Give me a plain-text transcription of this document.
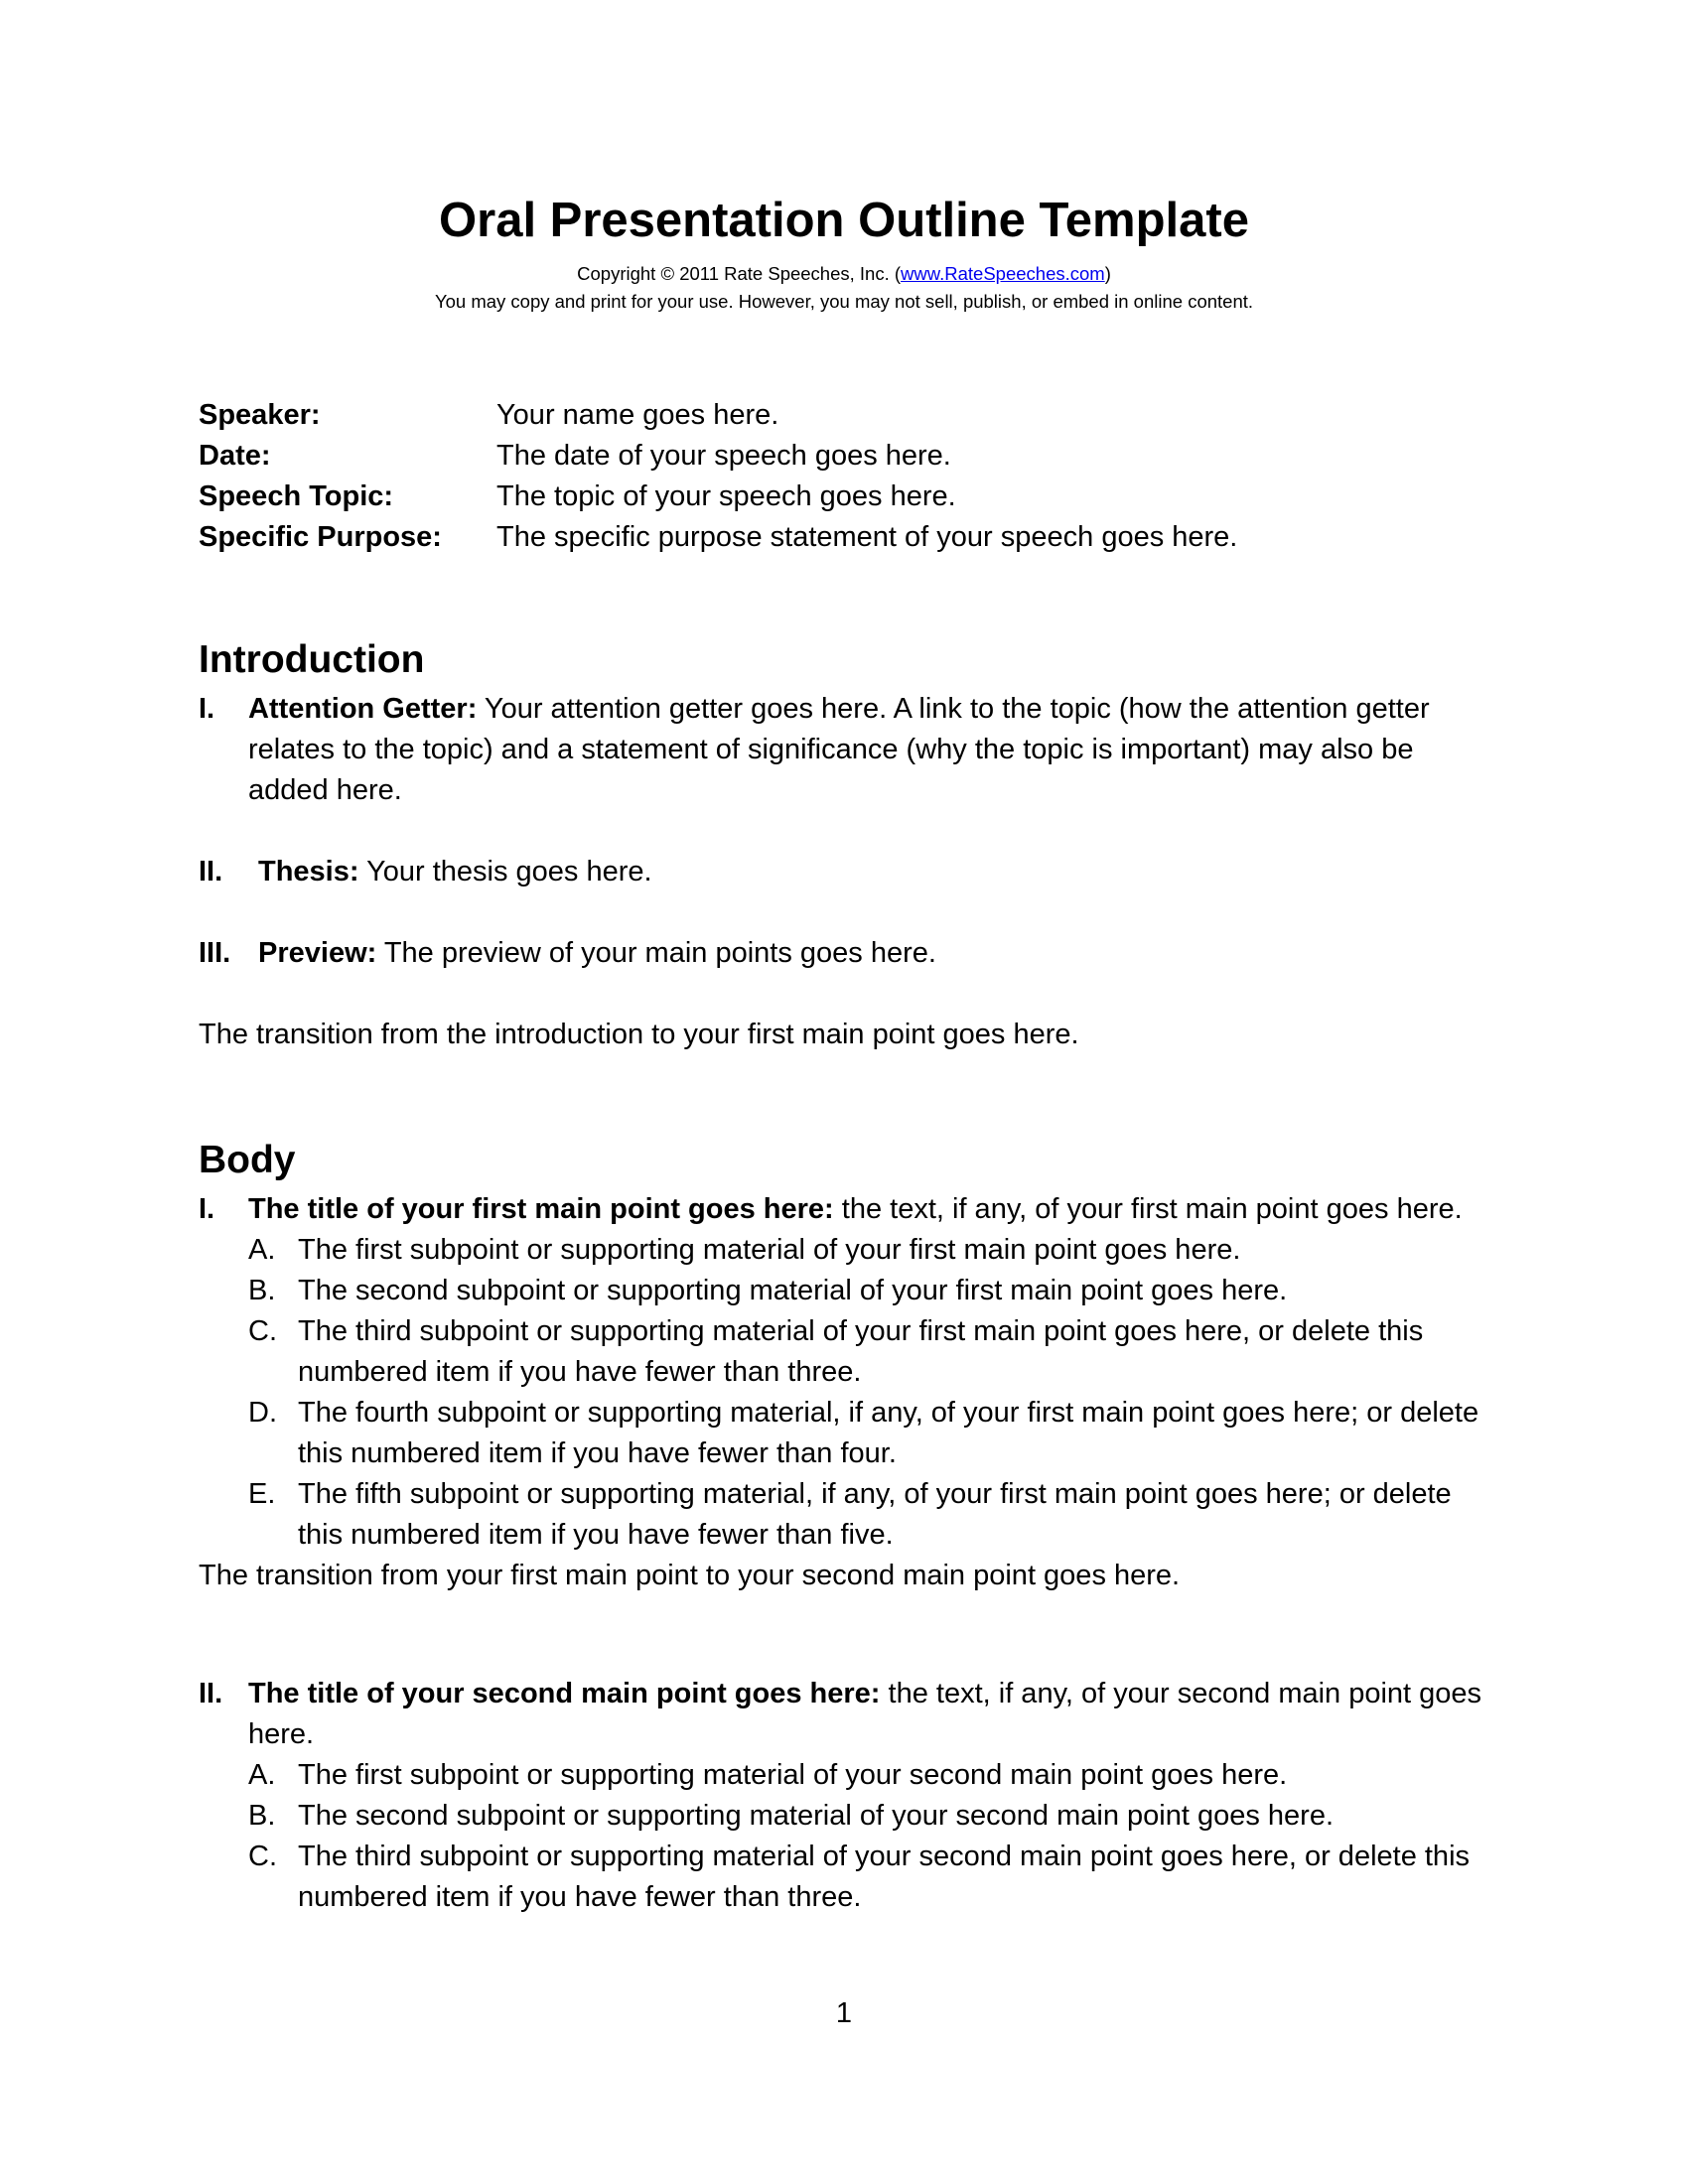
Oral Presentation Outline Template
Copyright © 2011 Rate Speeches, Inc. (www.RateSpeeches.com)
You may copy and print for your use. However, you may not sell, publish, or embed in online content.
Speaker:	Your name goes here.
Date:	The date of your speech goes here.
Speech Topic:	The topic of your speech goes here.
Specific Purpose:	The specific purpose statement of your speech goes here.
Introduction
I. Attention Getter: Your attention getter goes here. A link to the topic (how the attention getter relates to the topic) and a statement of significance (why the topic is important) may also be added here.
II. Thesis: Your thesis goes here.
III. Preview: The preview of your main points goes here.
The transition from the introduction to your first main point goes here.
Body
I. The title of your first main point goes here: the text, if any, of your first main point goes here.
A. The first subpoint or supporting material of your first main point goes here.
B. The second subpoint or supporting material of your first main point goes here.
C. The third subpoint or supporting material of your first main point goes here, or delete this numbered item if you have fewer than three.
D. The fourth subpoint or supporting material, if any, of your first main point goes here; or delete this numbered item if you have fewer than four.
E. The fifth subpoint or supporting material, if any, of your first main point goes here; or delete this numbered item if you have fewer than five.
The transition from your first main point to your second main point goes here.
II. The title of your second main point goes here: the text, if any, of your second main point goes here.
A. The first subpoint or supporting material of your second main point goes here.
B. The second subpoint or supporting material of your second main point goes here.
C. The third subpoint or supporting material of your second main point goes here, or delete this numbered item if you have fewer than three.
1
